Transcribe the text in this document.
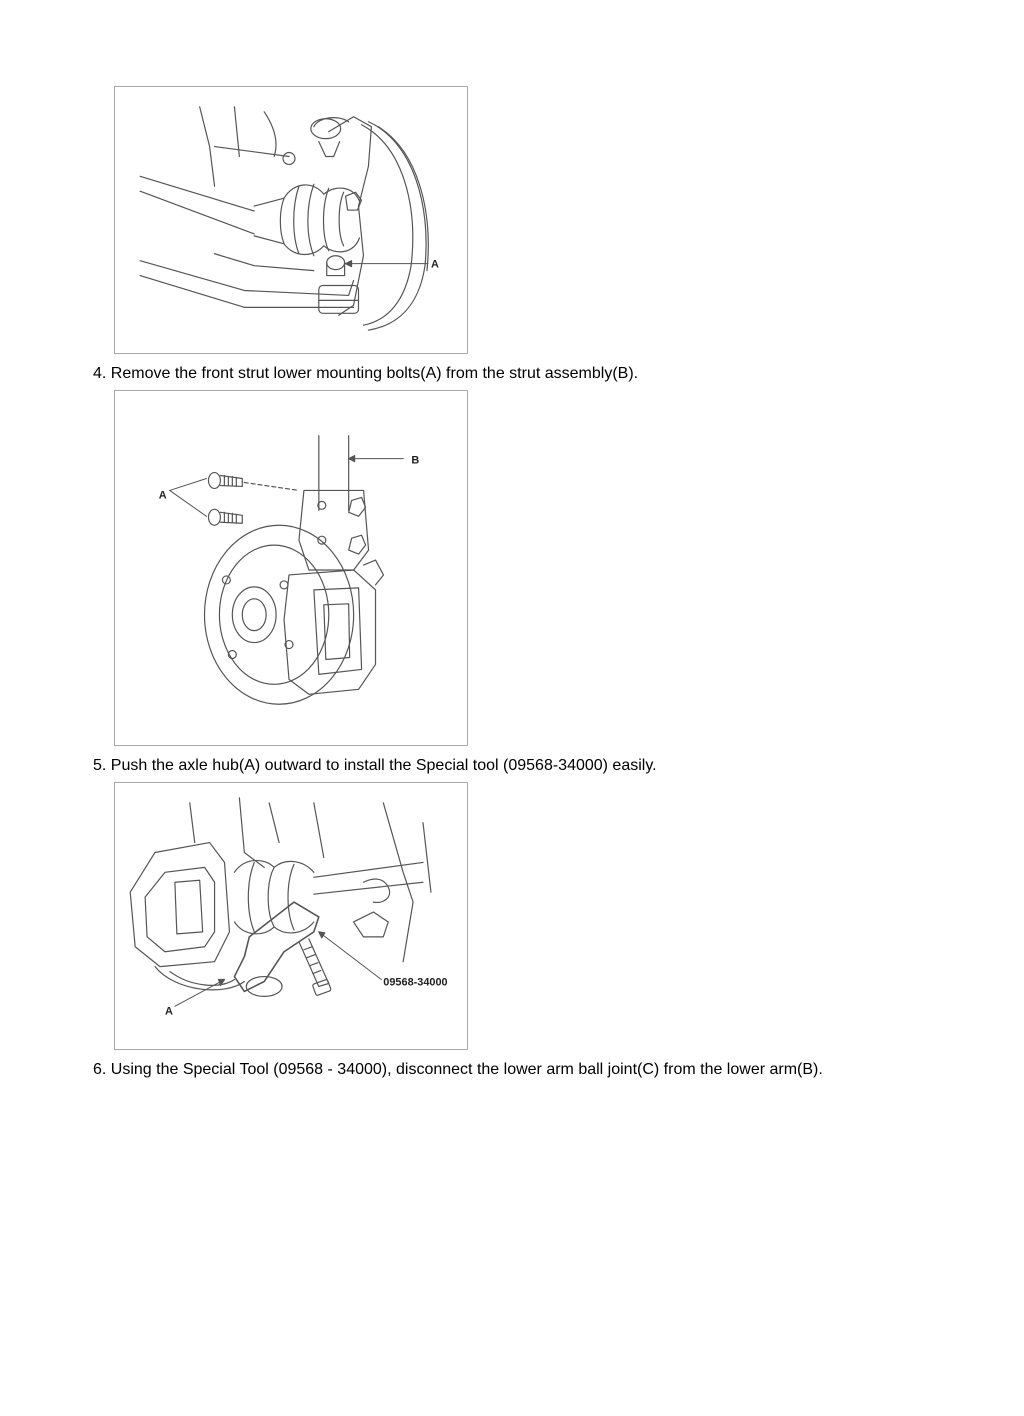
A
4. Remove the front strut lower mounting bolts(A) from the strut assembly(B).
A
B
5. Push the axle hub(A) outward to install the Special tool (09568-34000) easily.
09568-34000
A
6. Using the Special Tool (09568 - 34000), disconnect the lower arm ball joint(C) from the lower arm(B).
